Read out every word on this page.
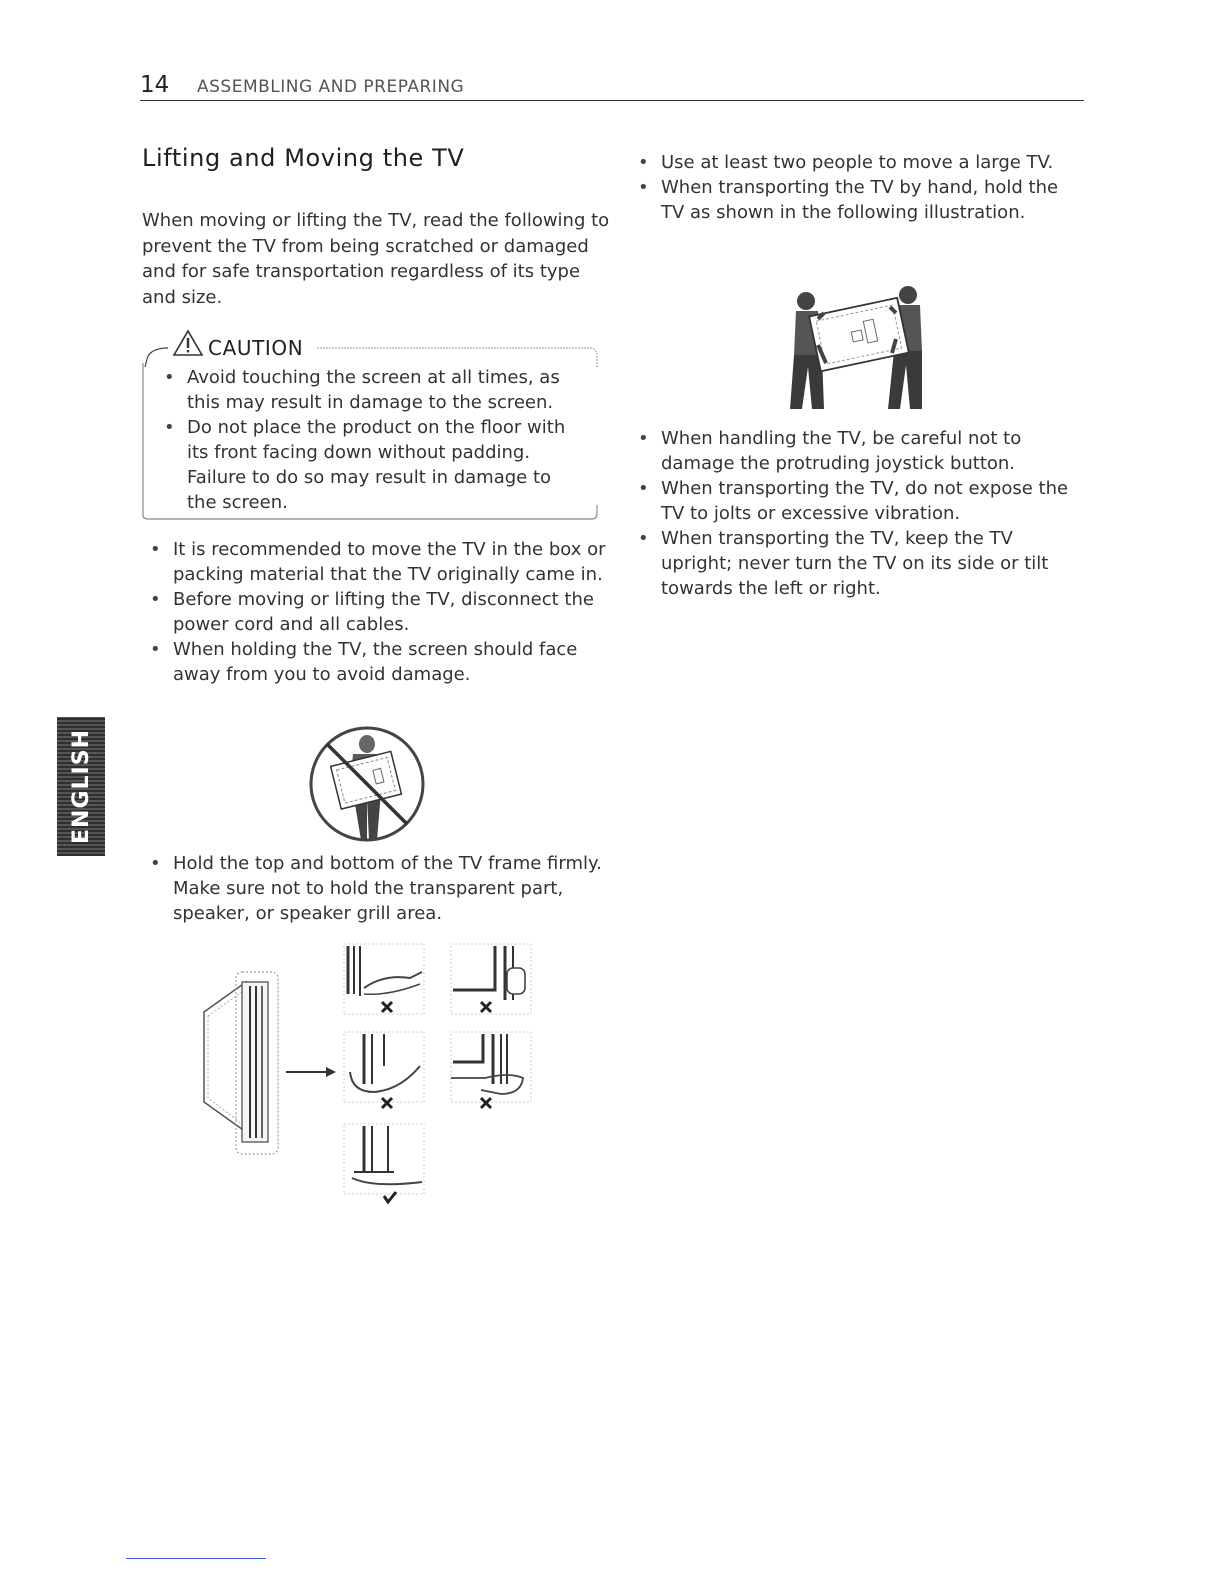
14 ASSEMBLING AND PREPARING
Lifting and Moving the TV

When moving or lifting the TV, read the following to prevent the TV from being scratched or damaged and for safe transportation regardless of its type and size.

CAUTION
• Avoid touching the screen at all times, as this may result in damage to the screen.
• Do not place the product on the floor with its front facing down without padding. Failure to do so may result in damage to the screen.
• It is recommended to move the TV in the box or packing material that the TV originally came in.
• Before moving or lifting the TV, disconnect the power cord and all cables.
• When holding the TV, the screen should face away from you to avoid damage.
• Hold the top and bottom of the TV frame firmly. Make sure not to hold the transparent part, speaker, or speaker grill area.
• Use at least two people to move a large TV.
• When transporting the TV by hand, hold the TV as shown in the following illustration.
• When handling the TV, be careful not to damage the protruding joystick button.
• When transporting the TV, do not expose the TV to jolts or excessive vibration.
• When transporting the TV, keep the TV upright; never turn the TV on its side or tilt towards the left or right.
ENGLISH
